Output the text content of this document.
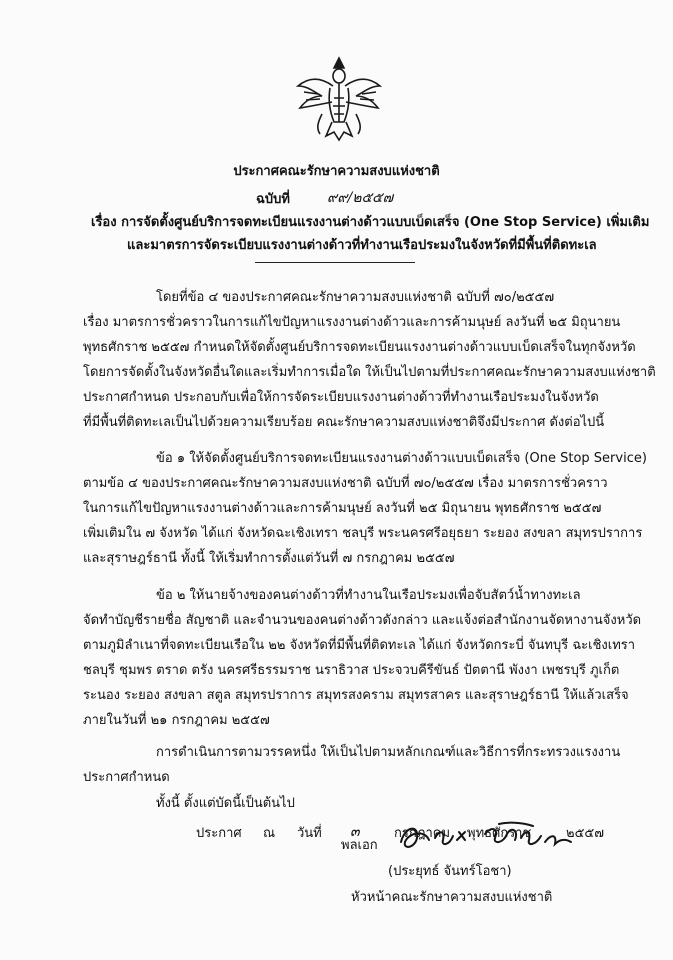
ประกาศคณะรักษาความสงบแห่งชาติ
ฉบับที่	๙๙/๒๕๕๗
เรื่อง การจัดตั้งศูนย์บริการจดทะเบียนแรงงานต่างด้าวแบบเบ็ดเสร็จ (One Stop Service) เพิ่มเติม
และมาตรการจัดระเบียบแรงงานต่างด้าวที่ทำงานเรือประมงในจังหวัดที่มีพื้นที่ติดทะเล
โดยที่ข้อ ๔ ของประกาศคณะรักษาความสงบแห่งชาติ ฉบับที่ ๗๐/๒๕๕๗
เรื่อง มาตรการชั่วคราวในการแก้ไขปัญหาแรงงานต่างด้าวและการค้ามนุษย์ ลงวันที่ ๒๕ มิถุนายน
พุทธศักราช ๒๕๕๗ กำหนดให้จัดตั้งศูนย์บริการจดทะเบียนแรงงานต่างด้าวแบบเบ็ดเสร็จในทุกจังหวัด
โดยการจัดตั้งในจังหวัดอื่นใดและเริ่มทำการเมื่อใด ให้เป็นไปตามที่ประกาศคณะรักษาความสงบแห่งชาติ
ประกาศกำหนด ประกอบกับเพื่อให้การจัดระเบียบแรงงานต่างด้าวที่ทำงานเรือประมงในจังหวัด
ที่มีพื้นที่ติดทะเลเป็นไปด้วยความเรียบร้อย คณะรักษาความสงบแห่งชาติจึงมีประกาศ ดังต่อไปนี้
ข้อ ๑ ให้จัดตั้งศูนย์บริการจดทะเบียนแรงงานต่างด้าวแบบเบ็ดเสร็จ (One Stop Service)
ตามข้อ ๔ ของประกาศคณะรักษาความสงบแห่งชาติ ฉบับที่ ๗๐/๒๕๕๗ เรื่อง มาตรการชั่วคราว
ในการแก้ไขปัญหาแรงงานต่างด้าวและการค้ามนุษย์ ลงวันที่ ๒๕ มิถุนายน พุทธศักราช ๒๕๕๗
เพิ่มเติมใน ๗ จังหวัด ได้แก่ จังหวัดฉะเชิงเทรา ชลบุรี พระนครศรีอยุธยา ระยอง สงขลา สมุทรปราการ
และสุราษฎร์ธานี ทั้งนี้ ให้เริ่มทำการตั้งแต่วันที่ ๗ กรกฎาคม ๒๕๕๗
ข้อ ๒ ให้นายจ้างของคนต่างด้าวที่ทำงานในเรือประมงเพื่อจับสัตว์น้ำทางทะเล
จัดทำบัญชีรายชื่อ สัญชาติ และจำนวนของคนต่างด้าวดังกล่าว และแจ้งต่อสำนักงานจัดหางานจังหวัด
ตามภูมิลำเนาที่จดทะเบียนเรือใน ๒๒ จังหวัดที่มีพื้นที่ติดทะเล ได้แก่ จังหวัดกระบี่ จันทบุรี ฉะเชิงเทรา
ชลบุรี ชุมพร ตราด ตรัง นครศรีธรรมราช นราธิวาส ประจวบคีรีขันธ์ ปัตตานี พังงา เพชรบุรี ภูเก็ต
ระนอง ระยอง สงขลา สตูล สมุทรปราการ สมุทรสงคราม สมุทรสาคร และสุราษฎร์ธานี ให้แล้วเสร็จ
ภายในวันที่ ๒๑ กรกฎาคม ๒๕๕๗
การดำเนินการตามวรรคหนึ่ง ให้เป็นไปตามหลักเกณฑ์และวิธีการที่กระทรวงแรงงาน
ประกาศกำหนด
ทั้งนี้ ตั้งแต่บัดนี้เป็นต้นไป
ประกาศ ณ วันที่ ๓	กรกฎาคม พุทธศักราช	๒๕๕๗
พลเอก
(ประยุทธ์ จันทร์โอชา)
หัวหน้าคณะรักษาความสงบแห่งชาติ
